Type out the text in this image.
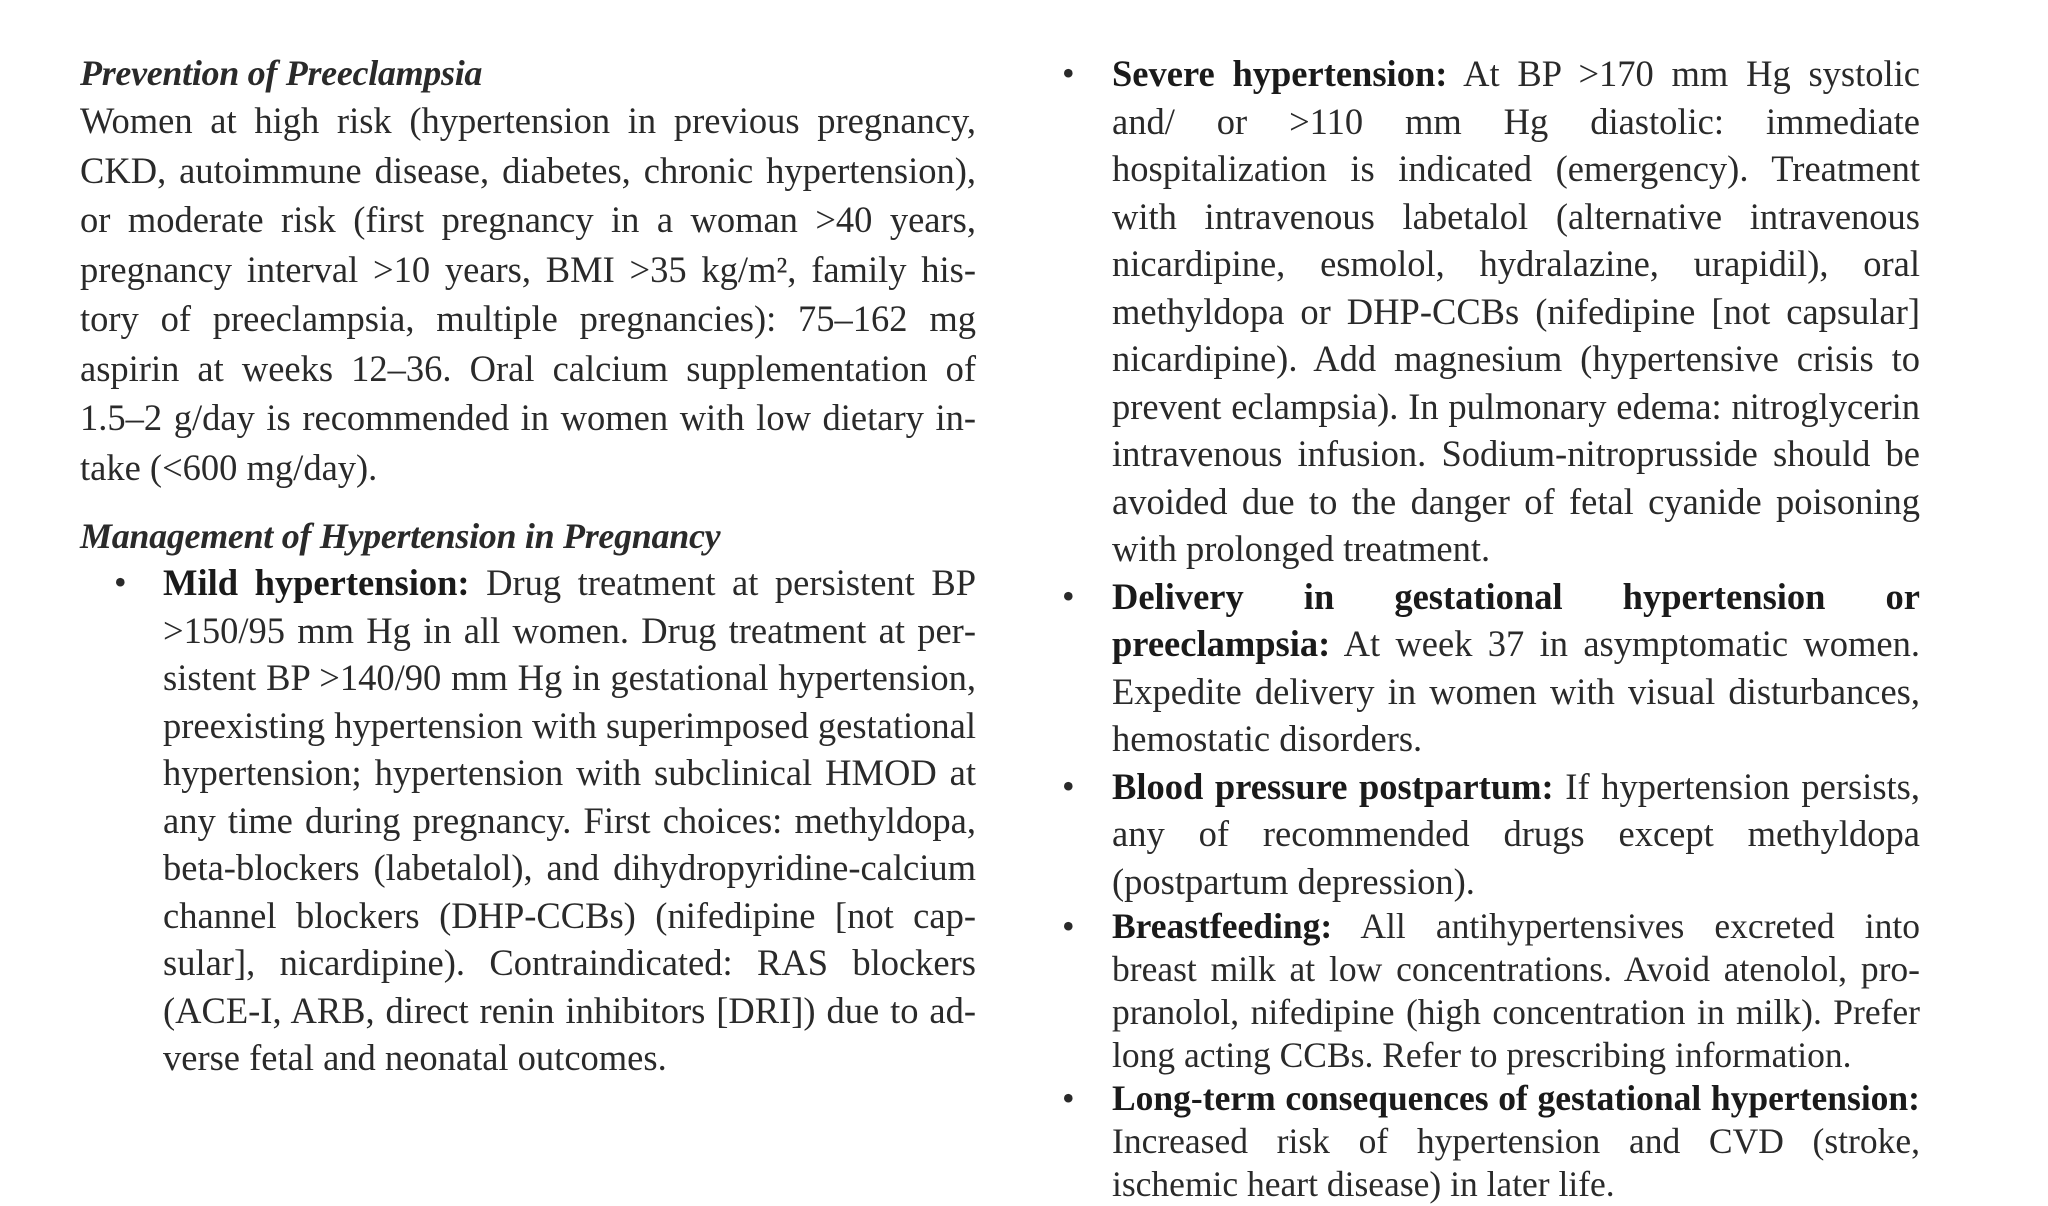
Prevention of Preeclampsia

Women at high risk (hypertension in previous pregnancy, CKD, autoimmune disease, diabetes, chronic hypertension), or moderate risk (first pregnancy in a woman >40 years, pregnancy interval >10 years, BMI >35 kg/m², family history of preeclampsia, multiple pregnancies): 75–162 mg aspirin at weeks 12–36. Oral calcium supplementation of 1.5–2 g/day is recommended in women with low dietary intake (<600 mg/day).

Management of Hypertension in Pregnancy
• Mild hypertension: Drug treatment at persistent BP >150/95 mm Hg in all women. Drug treatment at persistent BP >140/90 mm Hg in gestational hypertension, preexisting hypertension with superimposed gestational hypertension; hypertension with subclinical HMOD at any time during pregnancy. First choices: methyldopa, beta-blockers (labetalol), and dihydropyridine-calcium channel blockers (DHP-CCBs) (nifedipine [not capsular], nicardipine). Contraindicated: RAS blockers (ACE-I, ARB, direct renin inhibitors [DRI]) due to adverse fetal and neonatal outcomes.
• Severe hypertension: At BP >170 mm Hg systolic and/ or >110 mm Hg diastolic: immediate hospitalization is indicated (emergency). Treatment with intravenous labetalol (alternative intravenous nicardipine, esmolol, hydralazine, urapidil), oral methyldopa or DHP-CCBs (nifedipine [not capsular] nicardipine). Add magnesium (hypertensive crisis to prevent eclampsia). In pulmonary edema: nitroglycerin intravenous infusion. Sodium-nitroprusside should be avoided due to the danger of fetal cyanide poisoning with prolonged treatment.
• Delivery in gestational hypertension or preeclampsia: At week 37 in asymptomatic women. Expedite delivery in women with visual disturbances, hemostatic disorders.
• Blood pressure postpartum: If hypertension persists, any of recommended drugs except methyldopa (postpartum depression).
• Breastfeeding: All antihypertensives excreted into breast milk at low concentrations. Avoid atenolol, propranolol, nifedipine (high concentration in milk). Prefer long acting CCBs. Refer to prescribing information.
• Long-term consequences of gestational hypertension: Increased risk of hypertension and CVD (stroke, ischemic heart disease) in later life.
